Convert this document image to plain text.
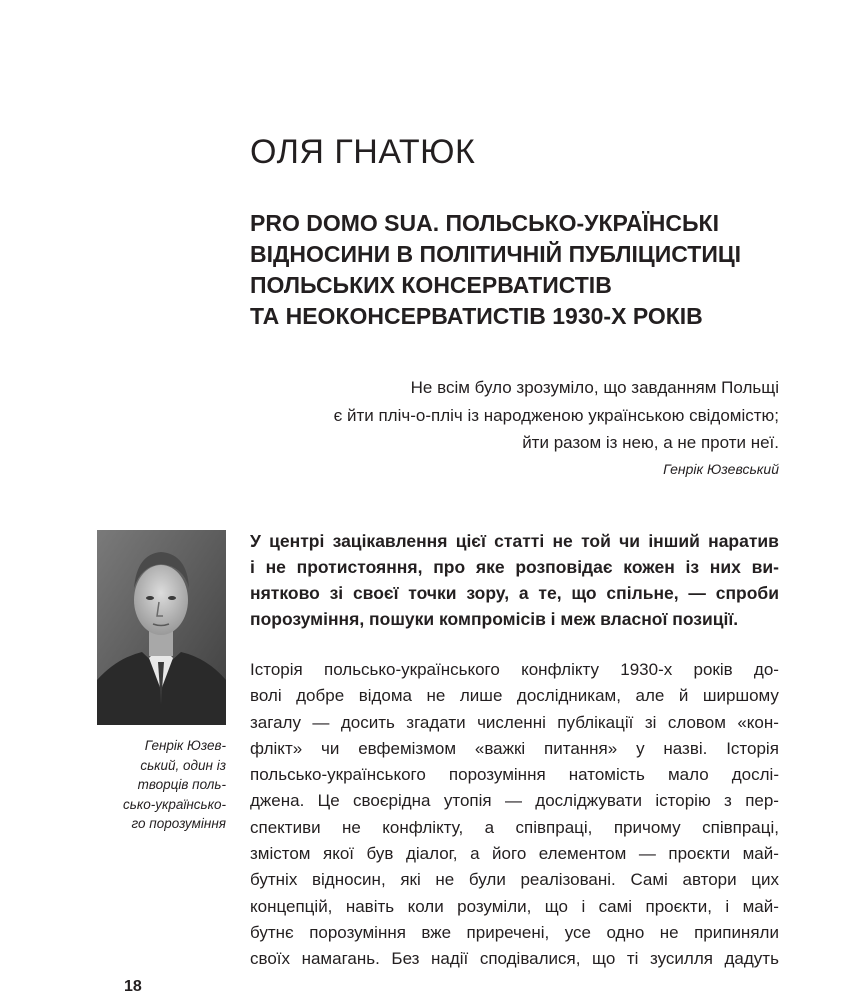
ОЛЯ ГНАТЮК
PRO DOMO SUA. ПОЛЬСЬКО-УКРАЇНСЬКІ
ВІДНОСИНИ В ПОЛІТИЧНІЙ ПУБЛІЦИСТИЦІ
ПОЛЬСЬКИХ КОНСЕРВАТИСТІВ
ТА НЕОКОНСЕРВАТИСТІВ 1930-Х РОКІВ
Не всім було зрозуміло, що завданням Польщі
є йти пліч-о-пліч із народженою українською свідомістю;
йти разом із нею, а не проти неї.
Генрік Юзевський
Генрік Юзев-
ський, один із
творців поль-
сько-українсько-
го порозуміння
У центрі зацікавлення цієї статті не той чи інший наратив
і не протистояння, про яке розповідає кожен із них ви-
нятково зі своєї точки зору, а те, що спільне, — спроби
порозуміння, пошуки компромісів і меж власної позиції.
Історія польсько-українського конфлікту 1930-х років до-
волі добре відома не лише дослідникам, але й ширшому
загалу — досить згадати численні публікації зі словом «кон-
флікт» чи евфемізмом «важкі питання» у назві. Історія
польсько-українського порозуміння натомість мало дослі-
джена. Це своєрідна утопія — досліджувати історію з пер-
спективи не конфлікту, а співпраці, причому співпраці,
змістом якої був діалог, а його елементом — проєкти май-
бутніх відносин, які не були реалізовані. Самі автори цих
концепцій, навіть коли розуміли, що і самі проєкти, і май-
бутнє порозуміння вже приречені, усе одно не припиняли
своїх намагань. Без надії сподівалися, що ті зусилля дадуть
18
